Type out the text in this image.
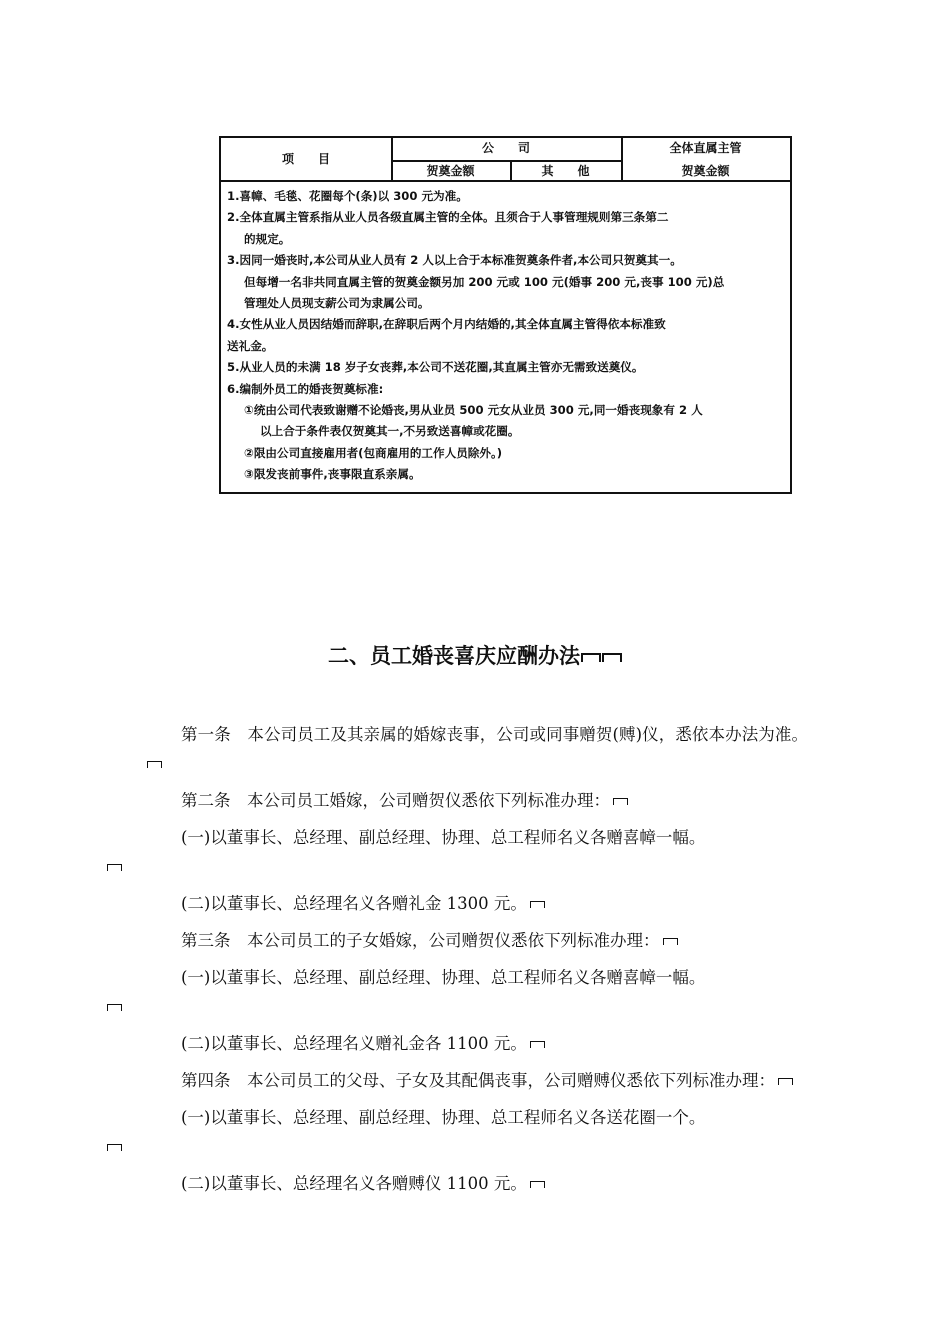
项　　目
公　　司
贺奠金额	其　　他
全体直属主管
贺奠金额
1.喜幛、毛毯、花圈每个(条)以 300 元为准。
2.全体直属主管系指从业人员各级直属主管的全体。且须合于人事管理规则第三条第二
的规定。
3.因同一婚丧时,本公司从业人员有 2 人以上合于本标准贺奠条件者,本公司只贺奠其一。
但每增一名非共同直属主管的贺奠金额另加 200 元或 100 元(婚事 200 元,丧事 100 元)总
管理处人员现支薪公司为隶属公司。
4.女性从业人员因结婚而辞职,在辞职后两个月内结婚的,其全体直属主管得依本标准致
送礼金。
5.从业人员的未满 18 岁子女丧葬,本公司不送花圈,其直属主管亦无需致送奠仪。
6.编制外员工的婚丧贺奠标准:
①统由公司代表致谢赠不论婚丧,男从业员 500 元女从业员 300 元,同一婚丧现象有 2 人
以上合于条件表仅贺奠其一,不另致送喜幛或花圈。
②限由公司直接雇用者(包商雇用的工作人员除外。)
③限发丧前事件,丧事限直系亲属。
二、员工婚丧喜庆应酬办法

第一条　本公司员工及其亲属的婚嫁丧事，公司或同事赠贺(赙)仪，悉依本办法为准。

第二条　本公司员工婚嫁，公司赠贺仪悉依下列标准办理：

(一)以董事长、总经理、副总经理、协理、总工程师名义各赠喜幛一幅。

(二)以董事长、总经理名义各赠礼金 1300 元。

第三条　本公司员工的子女婚嫁，公司赠贺仪悉依下列标准办理：

(一)以董事长、总经理、副总经理、协理、总工程师名义各赠喜幛一幅。

(二)以董事长、总经理名义赠礼金各 1100 元。

第四条　本公司员工的父母、子女及其配偶丧事，公司赠赙仪悉依下列标准办理：

(一)以董事长、总经理、副总经理、协理、总工程师名义各送花圈一个。

(二)以董事长、总经理名义各赠赙仪 1100 元。
